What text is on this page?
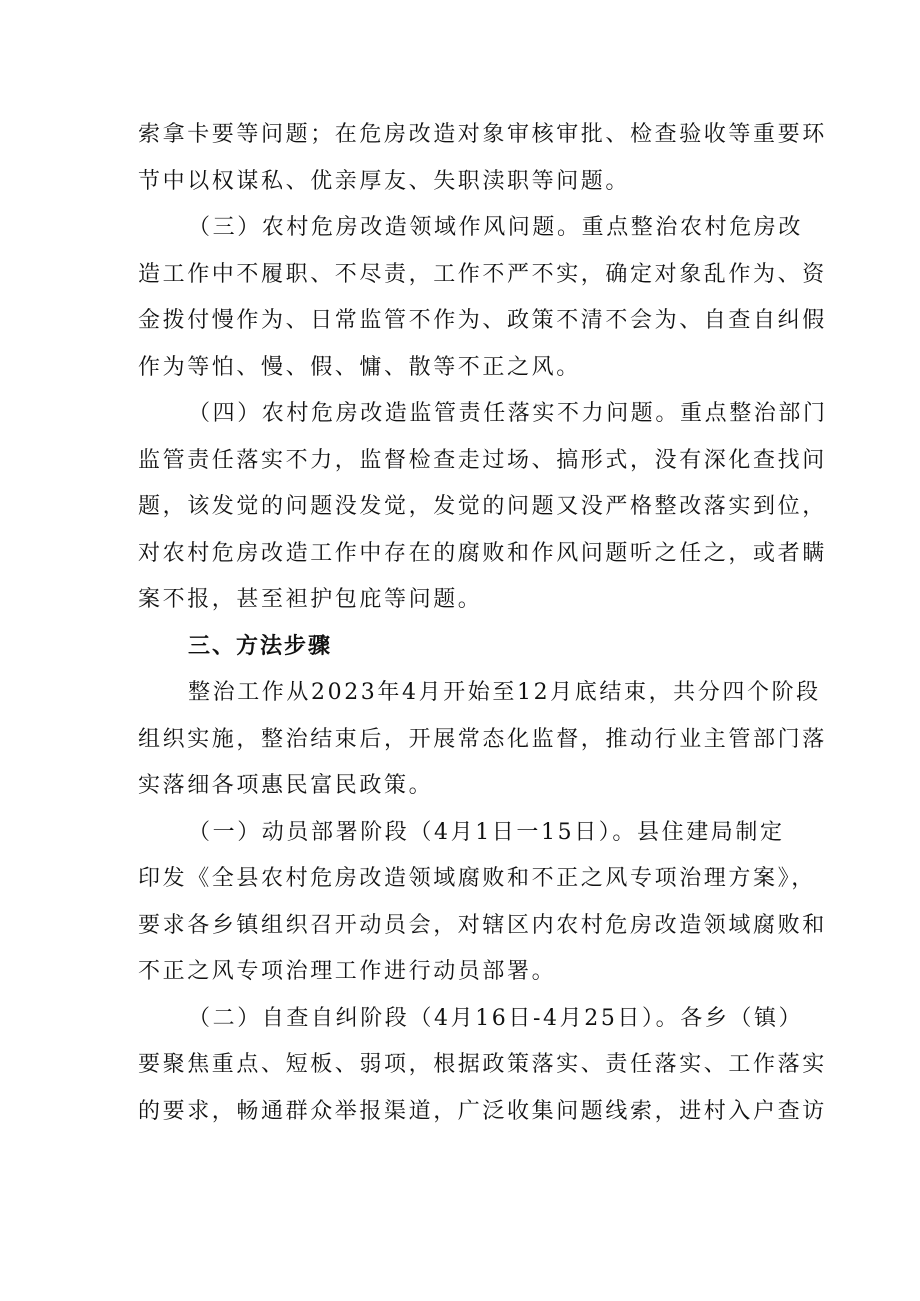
索拿卡要等问题；在危房改造对象审核审批、检查验收等重要环
节中以权谋私、优亲厚友、失职渎职等问题。
（三）农村危房改造领域作风问题。重点整治农村危房改
造工作中不履职、不尽责，工作不严不实，确定对象乱作为、资
金拨付慢作为、日常监管不作为、政策不清不会为、自查自纠假
作为等怕、慢、假、慵、散等不正之风。
（四）农村危房改造监管责任落实不力问题。重点整治部门
监管责任落实不力，监督检查走过场、搞形式，没有深化查找问
题，该发觉的问题没发觉，发觉的问题又没严格整改落实到位，
对农村危房改造工作中存在的腐败和作风问题听之任之，或者瞒
案不报，甚至袒护包庇等问题。
三、方法步骤
整治工作从2023年4月开始至12月底结束，共分四个阶段
组织实施，整治结束后，开展常态化监督，推动行业主管部门落
实落细各项惠民富民政策。
（一）动员部署阶段（4月1日一15日）。县住建局制定
印发《全县农村危房改造领域腐败和不正之风专项治理方案》，
要求各乡镇组织召开动员会，对辖区内农村危房改造领域腐败和
不正之风专项治理工作进行动员部署。
（二）自查自纠阶段（4月16日-4月25日）。各乡（镇）
要聚焦重点、短板、弱项，根据政策落实、责任落实、工作落实
的要求，畅通群众举报渠道，广泛收集问题线索，进村入户查访
